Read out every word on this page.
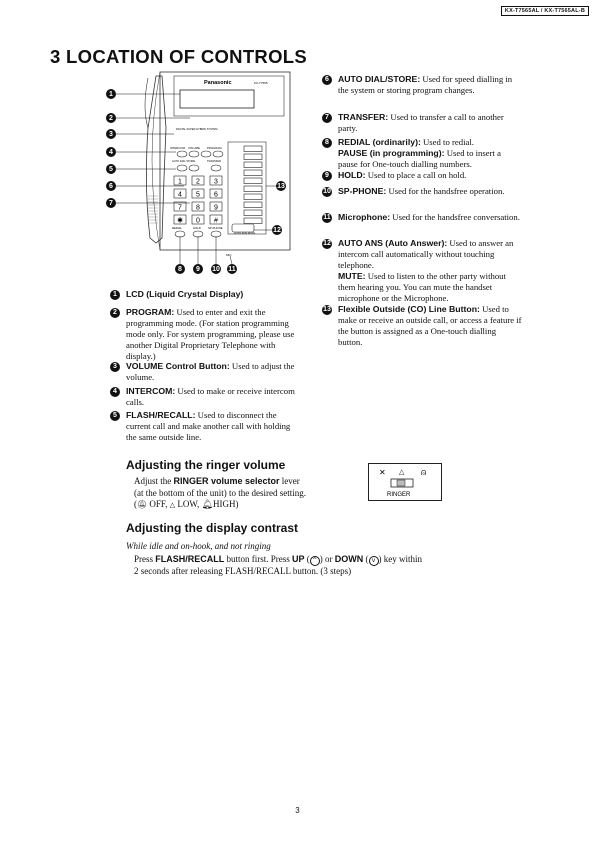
KX-T7565AL / KX-T7565AL-B
3 LOCATION OF CONTROLS
Panasonic	KX-T7565
DIGITAL SUPER HYBRID SYSTEM
INTERCOM VOLUME	PROGRAM
AUTO DIAL STORE	TRANSFER
1 2 3
4 5 6
7 8 9
✱ 0 #
REDIAL	HOLD	SP-PHONE
MIC
AUTO ANS MUTE
1
2
3
4
5
6
7
8	9	10 11
13
12
6	AUTO DIAL/STORE: Used for speed dialling in the system or storing program changes.
7	TRANSFER: Used to transfer a call to another party.
8	REDIAL (ordinarily): Used to redial.
PAUSE (in programming): Used to insert a pause for One-touch dialling numbers.
9	HOLD: Used to place a call on hold.
10 SP-PHONE: Used for the handsfree operation.
11 Microphone: Used for the handsfree conversation.
12 AUTO ANS (Auto Answer): Used to answer an intercom call automatically without touching telephone.
MUTE: Used to listen to the other party without them hearing you. You can mute the handset microphone or the Microphone.
13 Flexible Outside (CO) Line Button: Used to make or receive an outside call, or access a feature if the button is assigned as a One-touch dialling button.
1	LCD (Liquid Crystal Display)
2	PROGRAM: Used to enter and exit the programming mode. (For station programming mode only. For system programming, please use another Digital Proprietary Telephone with display.)
3	VOLUME Control Button: Used to adjust the volume.
4	INTERCOM: Used to make or receive intercom calls.
5	FLASH/RECALL: Used to disconnect the current call and make another call with holding the same outside line.
Adjusting the ringer volume
Adjust the RINGER volume selector lever
(at the bottom of the unit) to the desired setting.
(🔕︎ OFF, △ LOW, 🔔︎HIGH)
✕ △ ⍝
RINGER
Adjusting the display contrast
While idle and on-hook, and not ringing
Press FLASH/RECALL button first. Press UP ( ^ ) or DOWN ( v ) key within
2 seconds after releasing FLASH/RECALL button. (3 steps)
3
